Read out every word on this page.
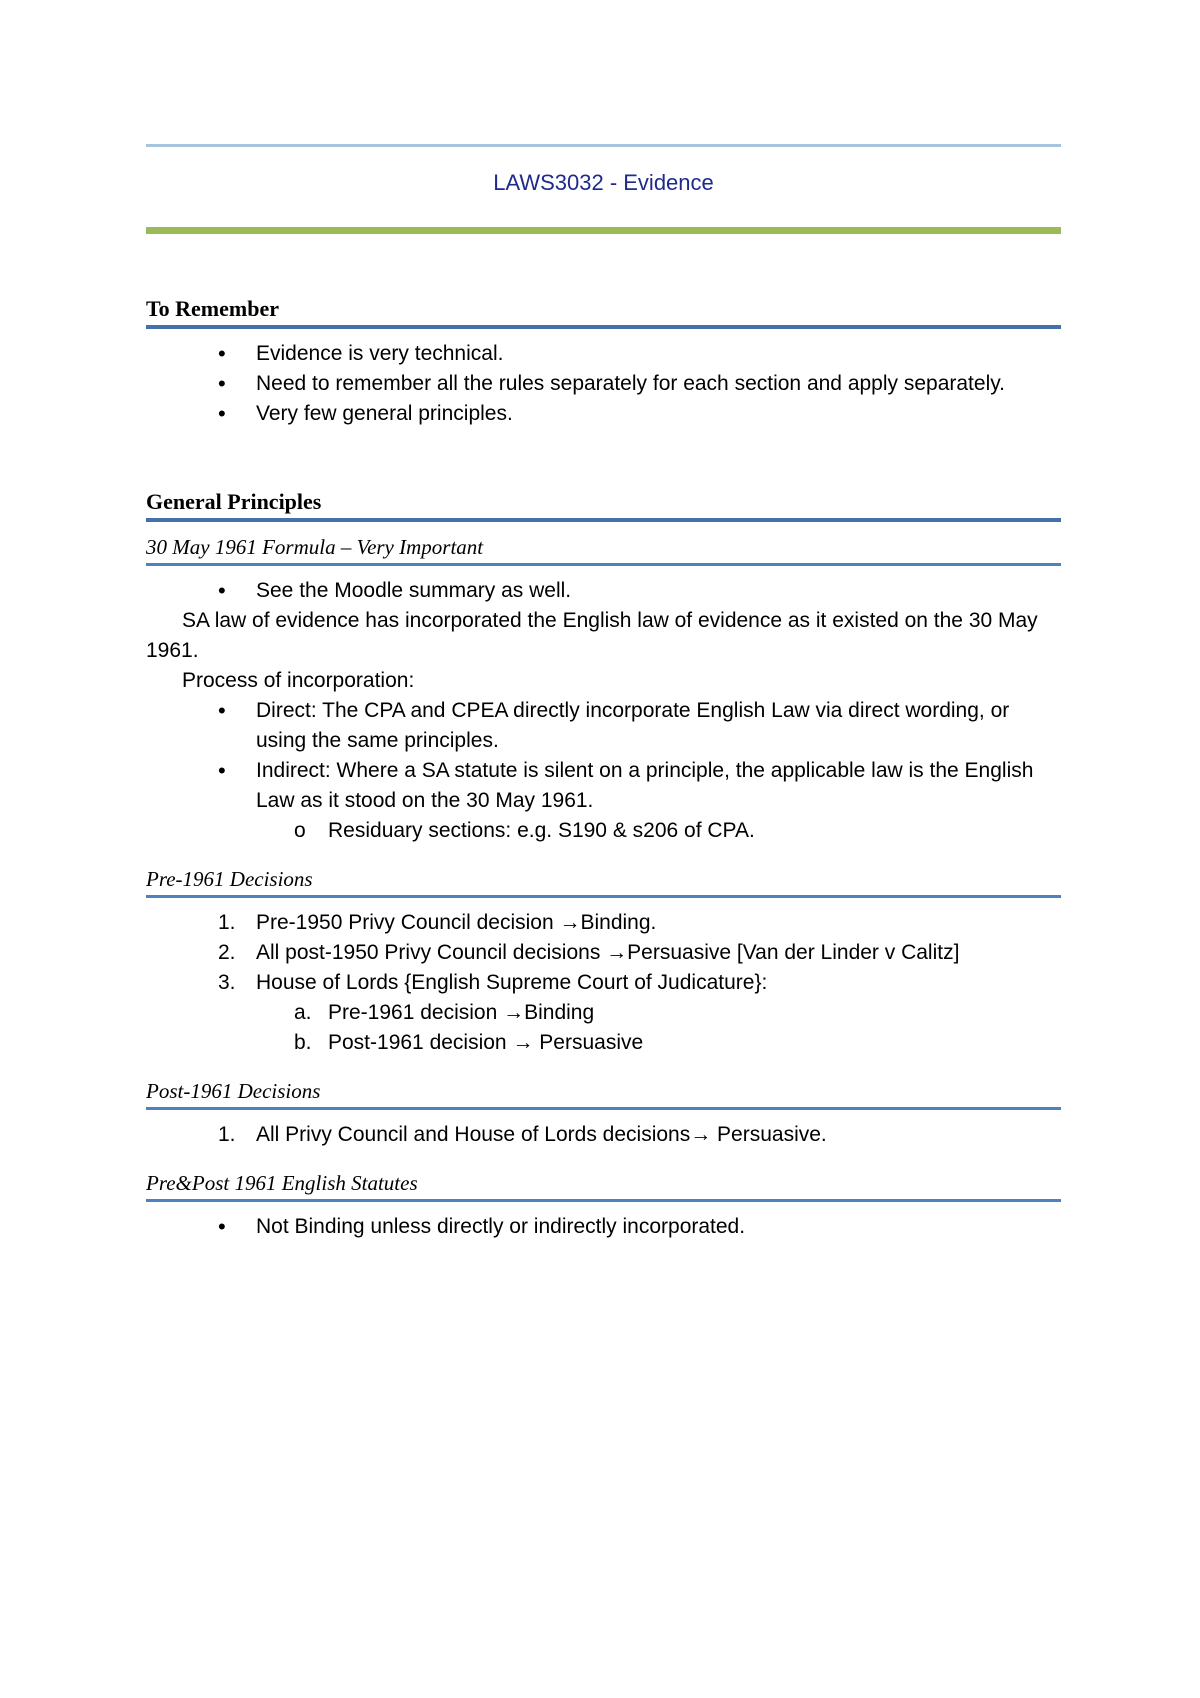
LAWS3032 - Evidence
To Remember
• Evidence is very technical.
• Need to remember all the rules separately for each section and apply separately.
• Very few general principles.
General Principles
30 May 1961 Formula – Very Important
• See the Moodle summary as well.
SA law of evidence has incorporated the English law of evidence as it existed on the 30 May 1961.
Process of incorporation:
• Direct: The CPA and CPEA directly incorporate English Law via direct wording, or using the same principles.
• Indirect: Where a SA statute is silent on a principle, the applicable law is the English Law as it stood on the 30 May 1961.
o Residuary sections: e.g. S190 & s206 of CPA.
Pre-1961 Decisions
1. Pre-1950 Privy Council decision →Binding.
2. All post-1950 Privy Council decisions →Persuasive [Van der Linder v Calitz]
3. House of Lords {English Supreme Court of Judicature}:
a. Pre-1961 decision →Binding
b. Post-1961 decision → Persuasive
Post-1961 Decisions
1. All Privy Council and House of Lords decisions→ Persuasive.
Pre&Post 1961 English Statutes
• Not Binding unless directly or indirectly incorporated.
